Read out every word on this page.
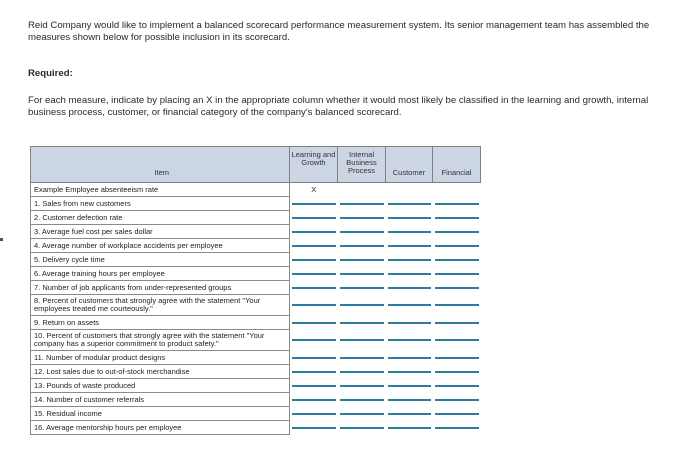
Reid Company would like to implement a balanced scorecard performance measurement system. Its senior management team has assembled the measures shown below for possible inclusion in its scorecard.
Required:
For each measure, indicate by placing an X in the appropriate column whether it would most likely be classified in the learning and growth, internal business process, customer, or financial category of the company's balanced scorecard.
Item	Learning and Growth	Internal Business Process	Customer	Financial
Example Employee absenteeism rate	X			
1. Sales from new customers	

2. Customer defection rate	

3. Average fuel cost per sales dollar	

4. Average number of workplace accidents per employee	

5. Delivery cycle time	

6. Average training hours per employee	

7. Number of job applicants from under-represented groups	

8. Percent of customers that strongly agree with the statement "Your employees treated me courteously."	

9. Return on assets	

10. Percent of customers that strongly agree with the statement "Your company has a superior commitment to product safety."	

11. Number of modular product designs	

12. Lost sales due to out-of-stock merchandise	

13. Pounds of waste produced	

14. Number of customer referrals	

15. Residual income	

16. Average mentorship hours per employee	
